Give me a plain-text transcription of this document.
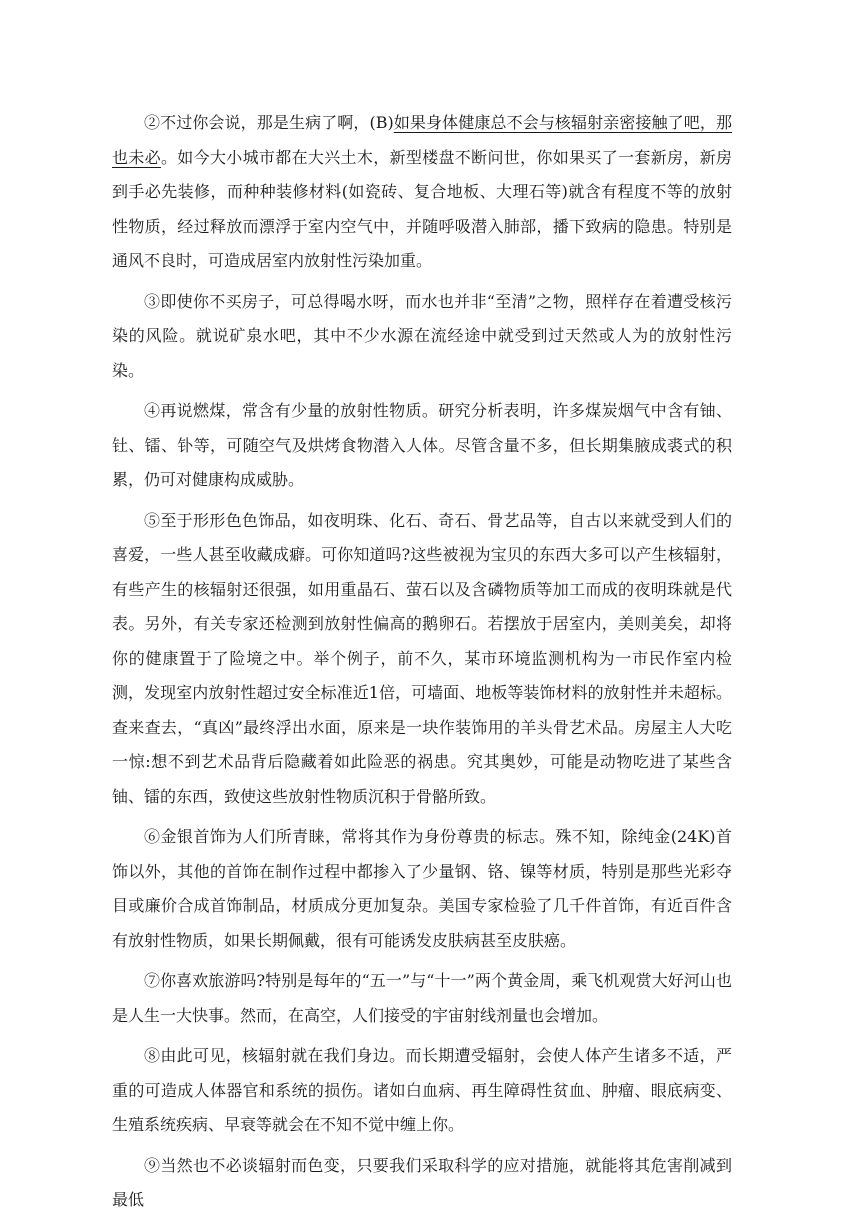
②不过你会说，那是生病了啊，(B)如果身体健康总不会与核辐射亲密接触了吧，那也未必。如今大小城市都在大兴土木，新型楼盘不断问世，你如果买了一套新房，新房到手必先装修，而种种装修材料(如瓷砖、复合地板、大理石等)就含有程度不等的放射性物质，经过释放而漂浮于室内空气中，并随呼吸潜入肺部，播下致病的隐患。特别是通风不良时，可造成居室内放射性污染加重。

③即使你不买房子，可总得喝水呀，而水也并非“至清”之物，照样存在着遭受核污染的风险。就说矿泉水吧，其中不少水源在流经途中就受到过天然或人为的放射性污染。

④再说燃煤，常含有少量的放射性物质。研究分析表明，许多煤炭烟气中含有铀、钍、镭、钋等，可随空气及烘烤食物潜入人体。尽管含量不多，但长期集腋成裘式的积累，仍可对健康构成威胁。

⑤至于形形色色饰品，如夜明珠、化石、奇石、骨艺品等，自古以来就受到人们的喜爱，一些人甚至收藏成癖。可你知道吗?这些被视为宝贝的东西大多可以产生核辐射，有些产生的核辐射还很强，如用重晶石、萤石以及含磷物质等加工而成的夜明珠就是代表。另外，有关专家还检测到放射性偏高的鹅卵石。若摆放于居室内，美则美矣，却将你的健康置于了险境之中。举个例子，前不久，某市环境监测机构为一市民作室内检测，发现室内放射性超过安全标准近1倍，可墙面、地板等装饰材料的放射性并未超标。查来查去，“真凶”最终浮出水面，原来是一块作装饰用的羊头骨艺术品。房屋主人大吃一惊:想不到艺术品背后隐藏着如此险恶的祸患。究其奥妙，可能是动物吃进了某些含铀、镭的东西，致使这些放射性物质沉积于骨骼所致。

⑥金银首饰为人们所青睐，常将其作为身份尊贵的标志。殊不知，除纯金(24K)首饰以外，其他的首饰在制作过程中都掺入了少量钢、铬、镍等材质，特别是那些光彩夺目或廉价合成首饰制品，材质成分更加复杂。美国专家检验了几千件首饰，有近百件含有放射性物质，如果长期佩戴，很有可能诱发皮肤病甚至皮肤癌。

⑦你喜欢旅游吗?特别是每年的“五一”与“十一”两个黄金周，乘飞机观赏大好河山也是人生一大快事。然而，在高空，人们接受的宇宙射线剂量也会增加。

⑧由此可见，核辐射就在我们身边。而长期遭受辐射，会使人体产生诸多不适，严重的可造成人体器官和系统的损伤。诸如白血病、再生障碍性贫血、肿瘤、眼底病变、生殖系统疾病、早衰等就会在不知不觉中缠上你。

⑨当然也不必谈辐射而色变，只要我们采取科学的应对措施，就能将其危害削减到最低
